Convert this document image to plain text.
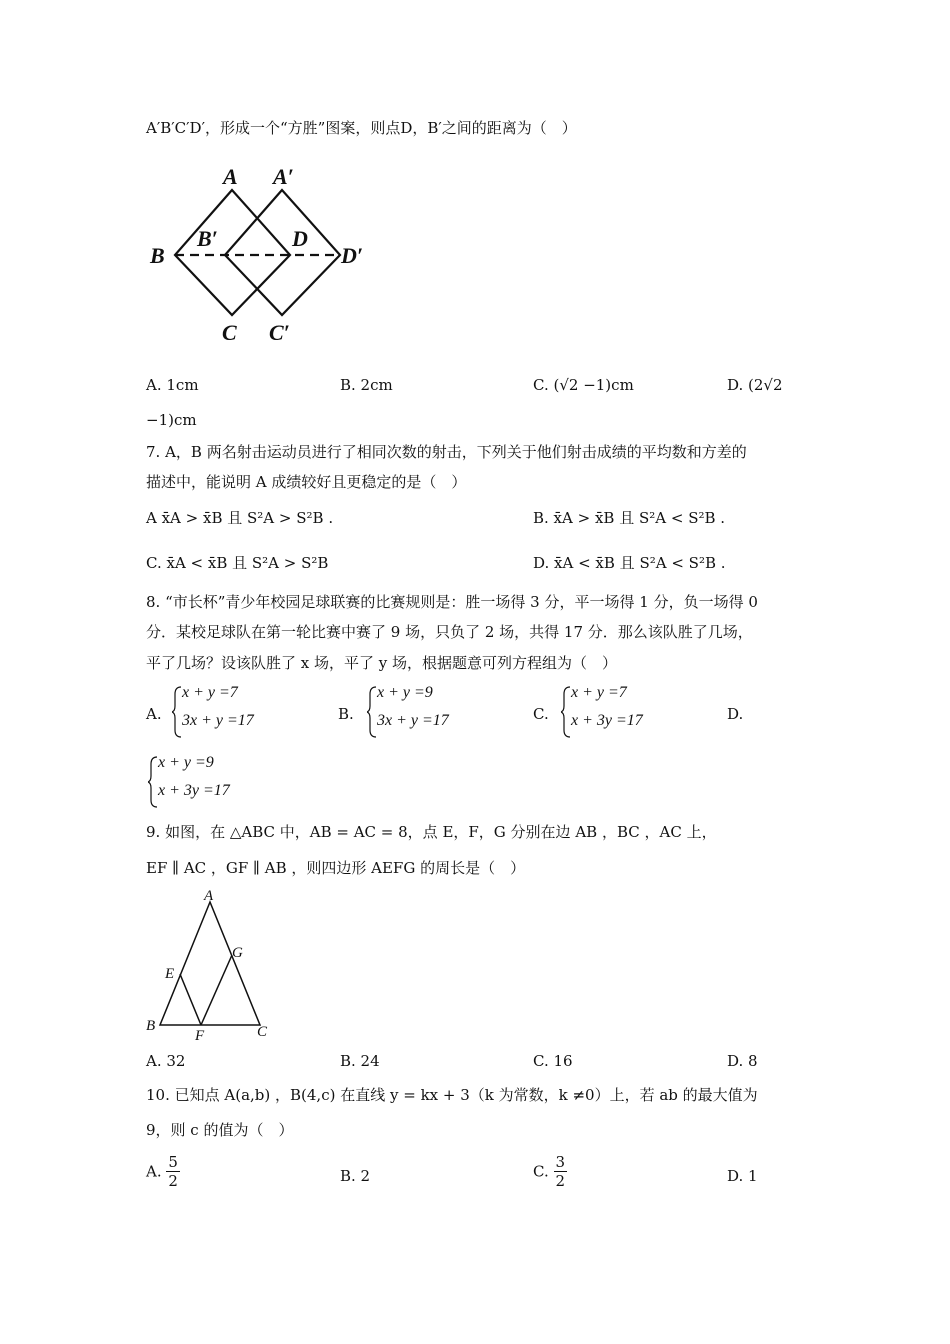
A′B′C′D′，形成一个“方胜”图案，则点D，B′之间的距离为（　）
A A′
B
B′	D
D′
C C′
A. 1cm	B. 2cm	C. (√2 −1)cm	D. (2√2
−1)cm
7. A，B 两名射击运动员进行了相同次数的射击，下列关于他们射击成绩的平均数和方差的
描述中，能说明 A 成绩较好且更稳定的是（　）
A x̄A > x̄B 且 S²A > S²B .	B. x̄A > x̄B 且 S²A < S²B .
C. x̄A < x̄B 且 S²A > S²B	D. x̄A < x̄B 且 S²A < S²B .
8. “市长杯”青少年校园足球联赛的比赛规则是：胜一场得 3 分，平一场得 1 分，负一场得 0
分．某校足球队在第一轮比赛中赛了 9 场，只负了 2 场，共得 17 分．那么该队胜了几场，
平了几场？设该队胜了 x 场，平了 y 场，根据题意可列方程组为（　）
A.
x + y =7
3x + y =17	B.
x + y =9
3x + y =17	C.
x + y =7
x + 3y =17	D.
x + y =9
x + 3y =17
9. 如图，在 △ABC 中，AB = AC = 8，点 E，F，G 分别在边 AB ，BC ，AC 上，
EF ∥ AC ，GF ∥ AB ，则四边形 AEFG 的周长是（　）
A
G
E
B
F	C
A. 32	B. 24	C. 16	D. 8
10. 已知点 A(a,b) ，B(4,c) 在直线 y = kx + 3（k 为常数，k ≠0）上，若 ab 的最大值为
9，则 c 的值为（　）
A. $\frac{5}{2}$	B. 2	C. $\frac{3}{2}$	D. 1
